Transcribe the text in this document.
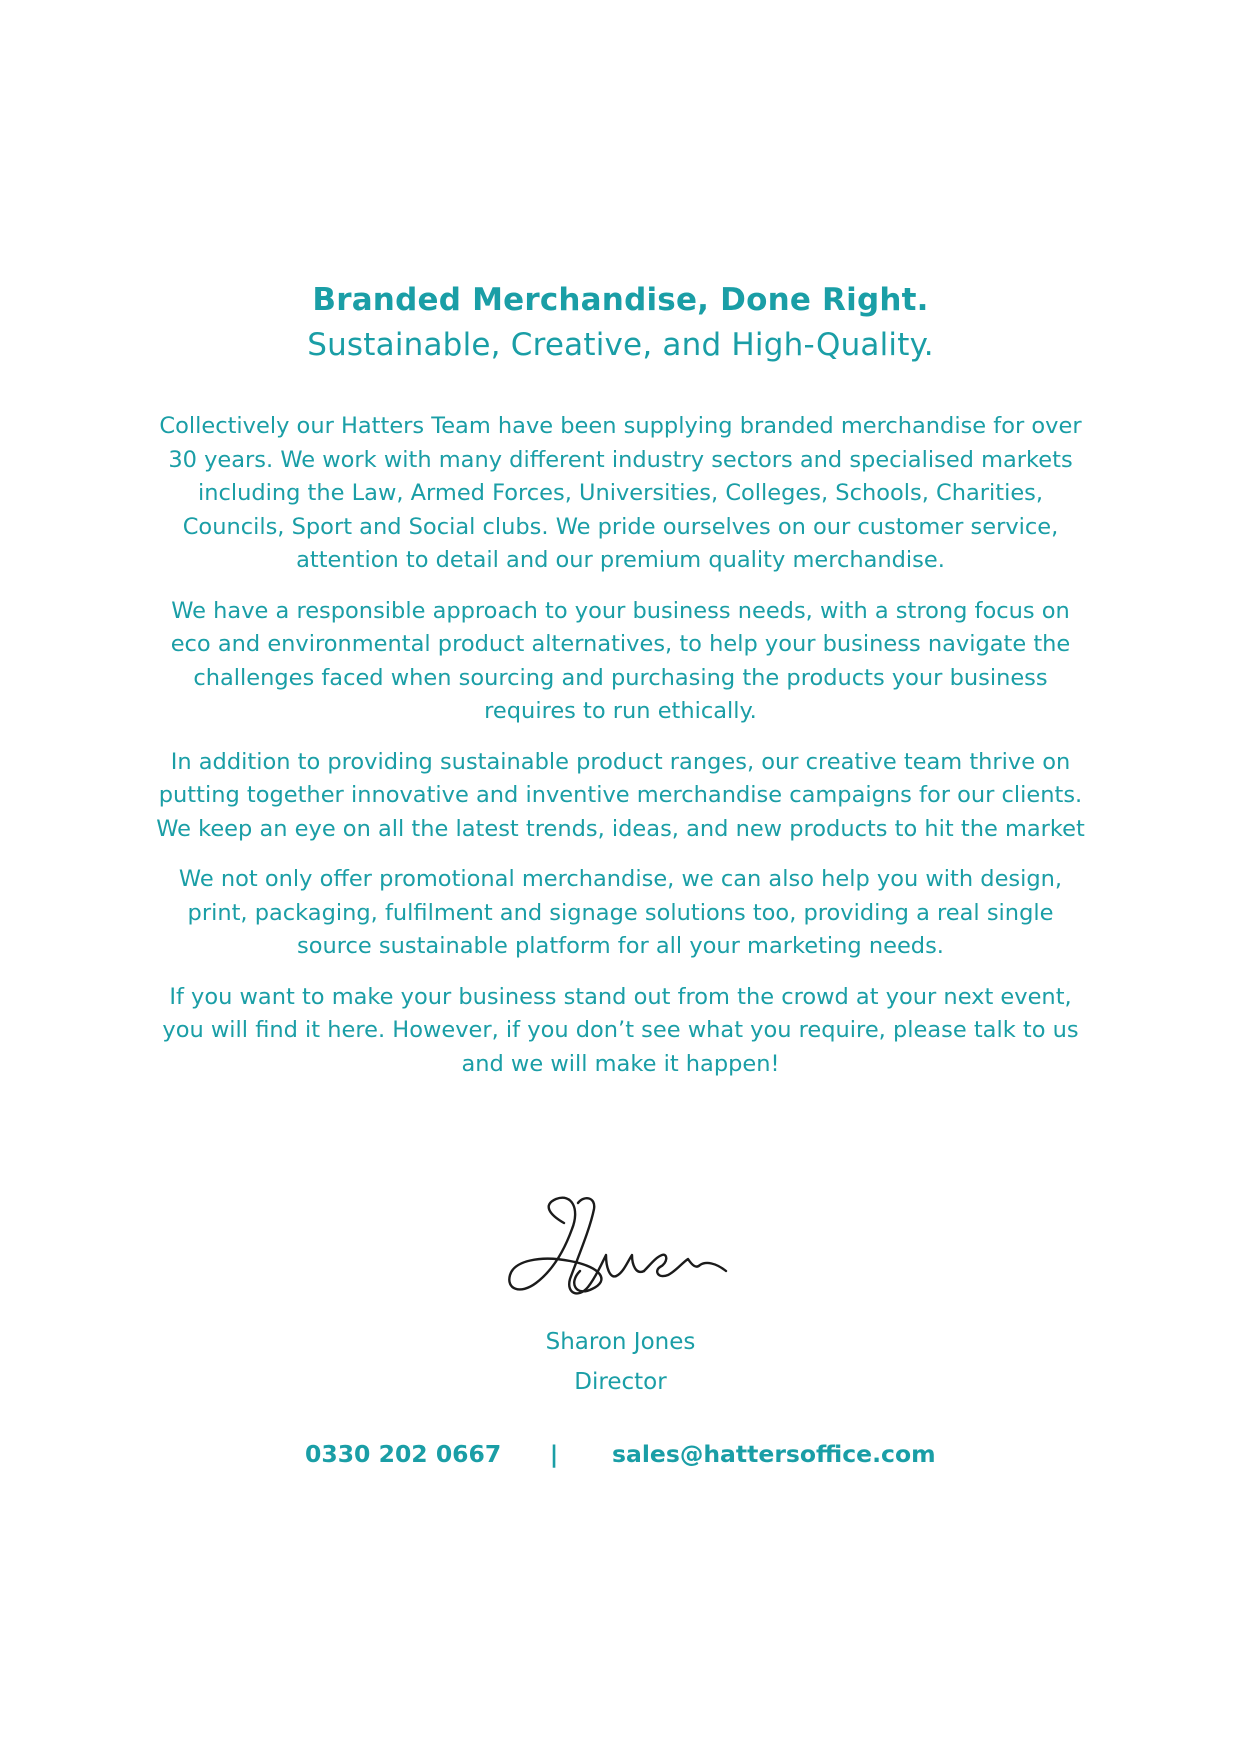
Branded Merchandise, Done Right.
Sustainable, Creative, and High-Quality.

Collectively our Hatters Team have been supplying branded merchandise for over 30 years. We work with many different industry sectors and specialised markets including the Law, Armed Forces, Universities, Colleges, Schools, Charities, Councils, Sport and Social clubs. We pride ourselves on our customer service, attention to detail and our premium quality merchandise.

We have a responsible approach to your business needs, with a strong focus on eco and environmental product alternatives, to help your business navigate the challenges faced when sourcing and purchasing the products your business requires to run ethically.

In addition to providing sustainable product ranges, our creative team thrive on putting together innovative and inventive merchandise campaigns for our clients. We keep an eye on all the latest trends, ideas, and new products to hit the market

We not only offer promotional merchandise, we can also help you with design, print, packaging, fulfilment and signage solutions too, providing a real single source sustainable platform for all your marketing needs.

If you want to make your business stand out from the crowd at your next event, you will find it here. However, if you don’t see what you require, please talk to us and we will make it happen!

Sharon Jones
Director
0330 202 0667 | sales@hattersoffice.com
